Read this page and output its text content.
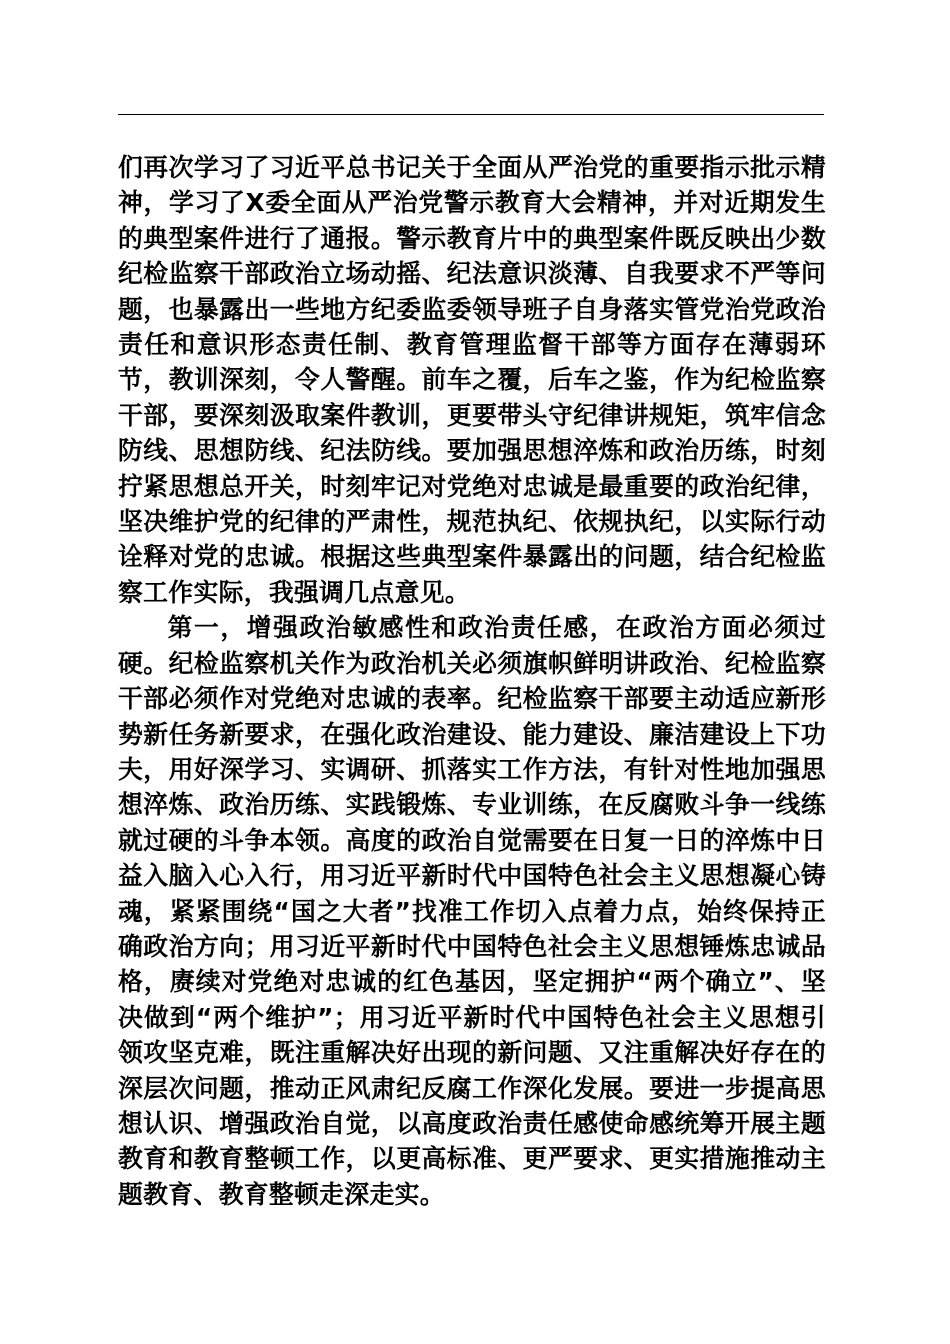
们再次学习了习近平总书记关于全面从严治党的重要指示批示精神，学习了X委全面从严治党警示教育大会精神，并对近期发生的典型案件进行了通报。警示教育片中的典型案件既反映出少数纪检监察干部政治立场动摇、纪法意识淡薄、自我要求不严等问题，也暴露出一些地方纪委监委领导班子自身落实管党治党政治责任和意识形态责任制、教育管理监督干部等方面存在薄弱环节，教训深刻，令人警醒。前车之覆，后车之鉴，作为纪检监察干部，要深刻汲取案件教训，更要带头守纪律讲规矩，筑牢信念防线、思想防线、纪法防线。要加强思想淬炼和政治历练，时刻拧紧思想总开关，时刻牢记对党绝对忠诚是最重要的政治纪律，坚决维护党的纪律的严肃性，规范执纪、依规执纪，以实际行动诠释对党的忠诚。根据这些典型案件暴露出的问题，结合纪检监察工作实际，我强调几点意见。

第一，增强政治敏感性和政治责任感，在政治方面必须过硬。纪检监察机关作为政治机关必须旗帜鲜明讲政治、纪检监察干部必须作对党绝对忠诚的表率。纪检监察干部要主动适应新形势新任务新要求，在强化政治建设、能力建设、廉洁建设上下功夫，用好深学习、实调研、抓落实工作方法，有针对性地加强思想淬炼、政治历练、实践锻炼、专业训练，在反腐败斗争一线练就过硬的斗争本领。高度的政治自觉需要在日复一日的淬炼中日益入脑入心入行，用习近平新时代中国特色社会主义思想凝心铸魂，紧紧围绕“国之大者”找准工作切入点着力点，始终保持正确政治方向；用习近平新时代中国特色社会主义思想锤炼忠诚品格，赓续对党绝对忠诚的红色基因，坚定拥护“两个确立”、坚决做到“两个维护”；用习近平新时代中国特色社会主义思想引领攻坚克难，既注重解决好出现的新问题、又注重解决好存在的深层次问题，推动正风肃纪反腐工作深化发展。要进一步提高思想认识、增强政治自觉，以高度政治责任感使命感统筹开展主题教育和教育整顿工作，以更高标准、更严要求、更实措施推动主题教育、教育整顿走深走实。
